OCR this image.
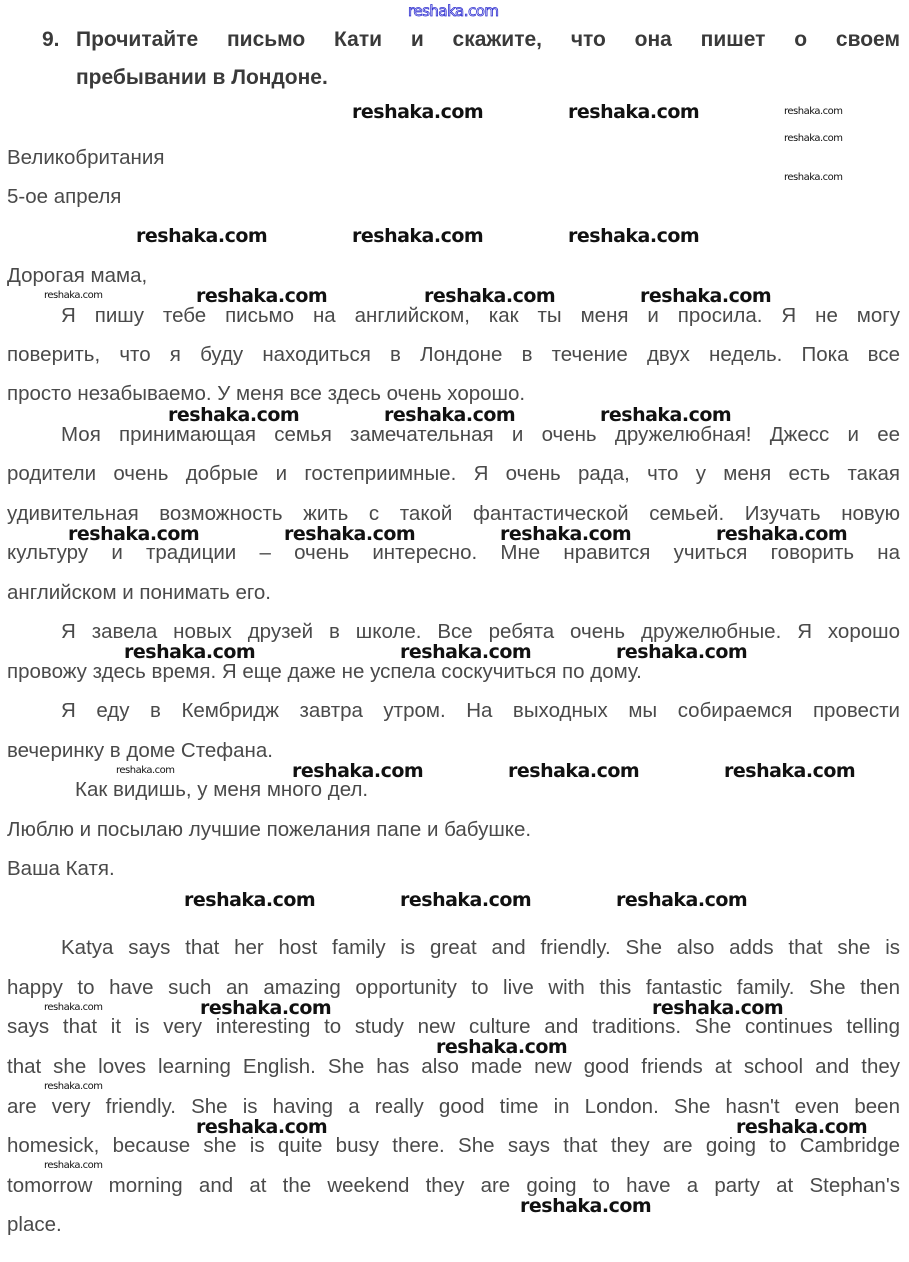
9. Прочитайте письмо Кати и скажите, что она пишет о своем
пребывании в Лондоне.
Великобритания
5-ое апреля
Дорогая мама,
Я пишу тебе письмо на английском, как ты меня и просила. Я не могу
поверить, что я буду находиться в Лондоне в течение двух недель. Пока все
просто незабываемо. У меня все здесь очень хорошо.
Моя принимающая семья замечательная и очень дружелюбная! Джесс и ее
родители очень добрые и гостеприимные. Я очень рада, что у меня есть такая
удивительная возможность жить с такой фантастической семьей. Изучать новую
культуру и традиции – очень интересно. Мне нравится учиться говорить на
английском и понимать его.
Я завела новых друзей в школе. Все ребята очень дружелюбные. Я хорошо
провожу здесь время. Я еще даже не успела соскучиться по дому.
Я еду в Кембридж завтра утром. На выходных мы собираемся провести
вечеринку в доме Стефана.
Как видишь, у меня много дел.
Люблю и посылаю лучшие пожелания папе и бабушке.
Ваша Катя.
Katya says that her host family is great and friendly. She also adds that she is
happy to have such an amazing opportunity to live with this fantastic family. She then
says that it is very interesting to study new culture and traditions. She continues telling
that she loves learning English. She has also made new good friends at school and they
are very friendly. She is having a really good time in London. She hasn't even been
homesick, because she is quite busy there. She says that they are going to Cambridge
tomorrow morning and at the weekend they are going to have a party at Stephan's
place.
reshaka.com	reshaka.com
reshaka.com	reshaka.com	reshaka.com
reshaka.com	reshaka.com	reshaka.com
reshaka.com	reshaka.com	reshaka.com
reshaka.com	reshaka.com	reshaka.com	reshaka.com
reshaka.com	reshaka.com	reshaka.com
reshaka.com	reshaka.com	reshaka.com
reshaka.com	reshaka.com	reshaka.com
reshaka.com	reshaka.com
reshaka.com
reshaka.com	reshaka.com
reshaka.com
reshaka.com
reshaka.com
reshaka.com
reshaka.com
reshaka.com
reshaka.com
reshaka.com
reshaka.com
reshaka.com
